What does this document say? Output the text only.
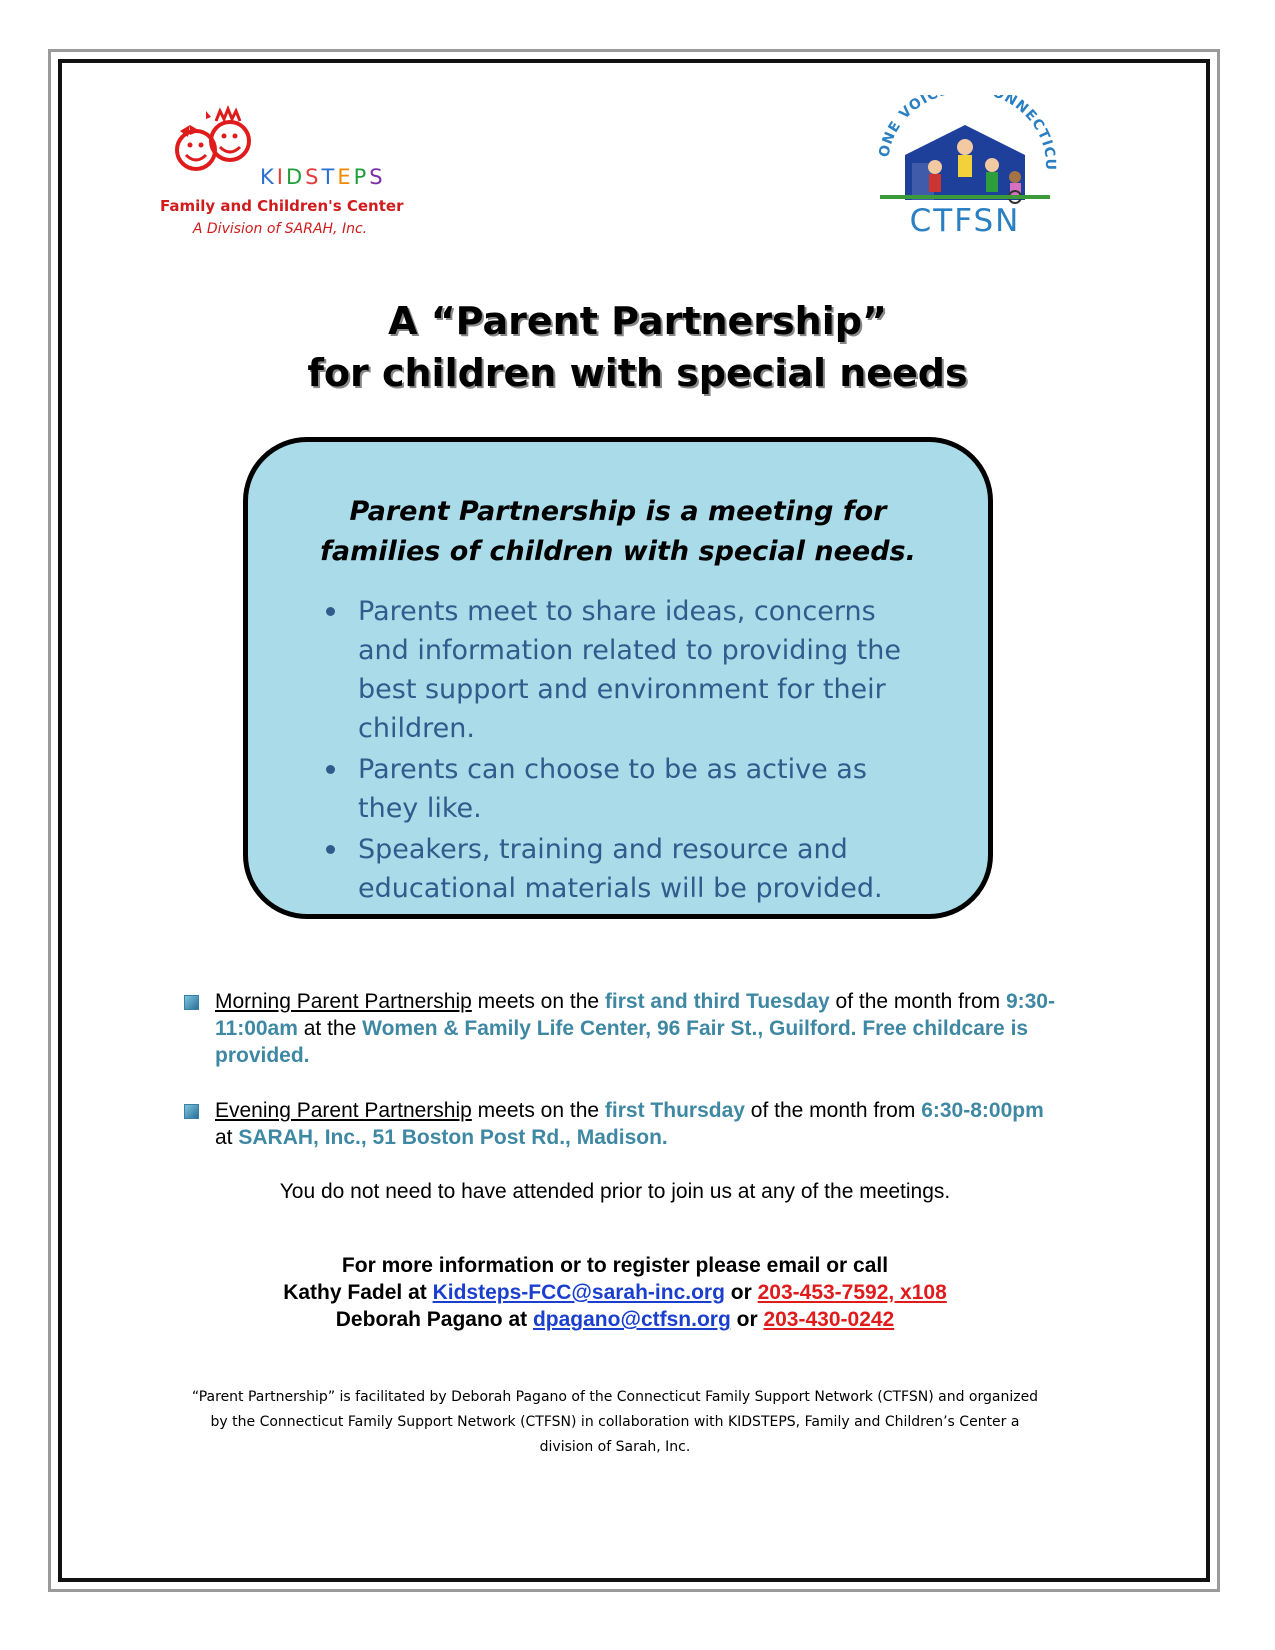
KIDSTEPS
Family and Children's Center
A Division of SARAH, Inc.
ONE VOI NNECTICU
CTFSN
A “Parent Partnership”
for children with special needs
Parent Partnership is a meeting for families of children with special needs.
Parents meet to share ideas, concerns and information related to providing the best support and environment for their children.
Parents can choose to be as active as they like.
Speakers, training and resource and educational materials will be provided.
Morning Parent Partnership meets on the first and third Tuesday of the month from 9:30-11:00am at the Women & Family Life Center, 96 Fair St., Guilford. Free childcare is provided.
Evening Parent Partnership meets on the first Thursday of the month from 6:30-8:00pm at SARAH, Inc., 51 Boston Post Rd., Madison.
You do not need to have attended prior to join us at any of the meetings.
For more information or to register please email or call
Kathy Fadel at Kidsteps-FCC@sarah-inc.org or 203-453-7592, x108
Deborah Pagano at dpagano@ctfsn.org or 203-430-0242
“Parent Partnership” is facilitated by Deborah Pagano of the Connecticut Family Support Network (CTFSN) and organized by the Connecticut Family Support Network (CTFSN) in collaboration with KIDSTEPS, Family and Children’s Center a division of Sarah, Inc.
